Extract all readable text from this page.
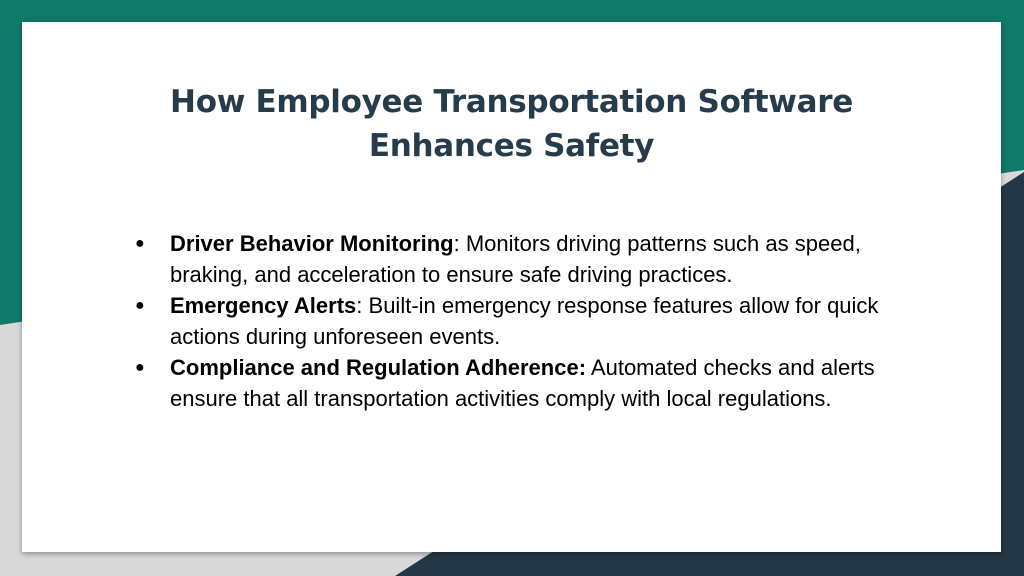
How Employee Transportation Software
Enhances Safety
● Driver Behavior Monitoring: Monitors driving patterns such as speed, braking, and acceleration to ensure safe driving practices.
● Emergency Alerts: Built-in emergency response features allow for quick actions during unforeseen events.
● Compliance and Regulation Adherence: Automated checks and alerts ensure that all transportation activities comply with local regulations.
